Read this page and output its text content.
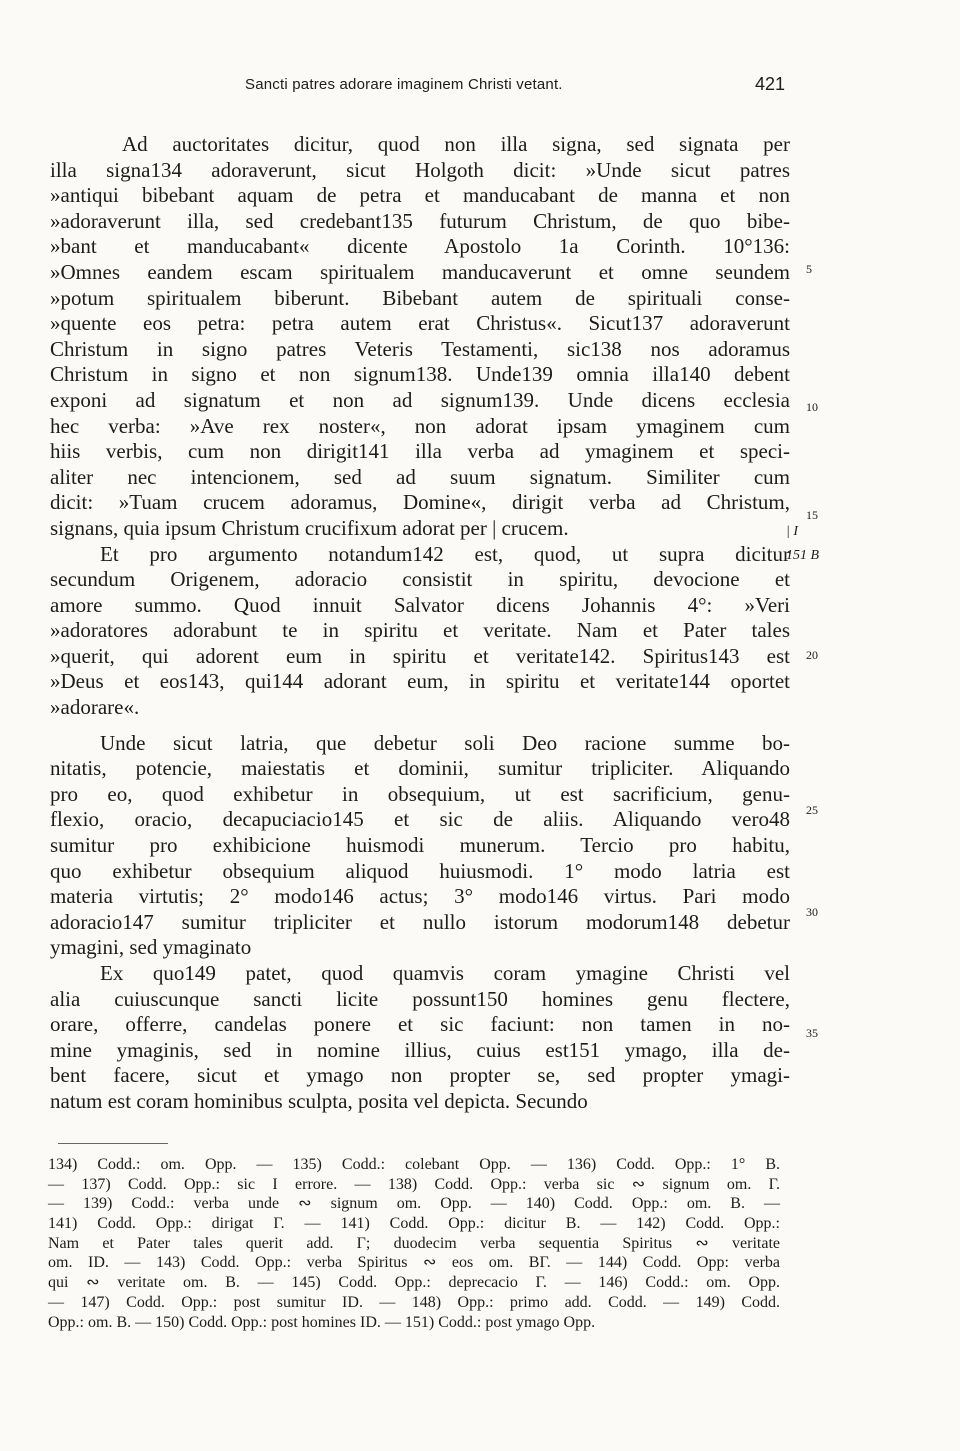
Sancti patres adorare imaginem Christi vetant.	421
Ad auctoritates dicitur, quod non illa signa, sed signata per
illa signa134 adoraverunt, sicut Holgoth dicit: »Unde sicut patres
»antiqui bibebant aquam de petra et manducabant de manna et non
»adoraverunt illa, sed credebant135 futurum Christum, de quo bibe-
»bant et manducabant« dicente Apostolo 1a Corinth. 10°136:
»Omnes eandem escam spiritualem manducaverunt et omne seundem
»potum spiritualem biberunt. Bibebant autem de spirituali conse-
»quente eos petra: petra autem erat Christus«. Sicut137 adoraverunt
Christum in signo patres Veteris Testamenti, sic138 nos adoramus
Christum in signo et non signum138. Unde139 omnia illa140 debent
exponi ad signatum et non ad signum139. Unde dicens ecclesia
hec verba: »Ave rex noster«, non adorat ipsam ymaginem cum
hiis verbis, cum non dirigit141 illa verba ad ymaginem et speci-
aliter nec intencionem, sed ad suum signatum. Similiter cum
dicit: »Tuam crucem adoramus, Domine«, dirigit verba ad Christum,
signans, quia ipsum Christum crucifixum adorat per | crucem.
Et pro argumento notandum142 est, quod, ut supra dicitur
secundum Origenem, adoracio consistit in spiritu, devocione et
amore summo. Quod innuit Salvator dicens Johannis 4°: »Veri
»adoratores adorabunt te in spiritu et veritate. Nam et Pater tales
»querit, qui adorent eum in spiritu et veritate142. Spiritus143 est
»Deus et eos143, qui144 adorant eum, in spiritu et veritate144 oportet
»adorare«.
Unde sicut latria, que debetur soli Deo racione summe bo-
nitatis, potencie, maiestatis et dominii, sumitur tripliciter. Aliquando
pro eo, quod exhibetur in obsequium, ut est sacrificium, genu-
flexio, oracio, decapuciacio145 et sic de aliis. Aliquando vero48
sumitur pro exhibicione huismodi munerum. Tercio pro habitu,
quo exhibetur obsequium aliquod huiusmodi. 1° modo latria est
materia virtutis; 2° modo146 actus; 3° modo146 virtus. Pari modo
adoracio147 sumitur tripliciter et nullo istorum modorum148 debetur
ymagini, sed ymaginato
Ex quo149 patet, quod quamvis coram ymagine Christi vel
alia cuiuscunque sancti licite possunt150 homines genu flectere,
orare, offerre, candelas ponere et sic faciunt: non tamen in no-
mine ymaginis, sed in nomine illius, cuius est151 ymago, illa de-
bent facere, sicut et ymago non propter se, sed propter ymagi-
natum est coram hominibus sculpta, posita vel depicta. Secundo
5
10
15
20
25
30
35
| I
151 B
134) Codd.: om. Opp. — 135) Codd.: colebant Opp. — 136) Codd. Opp.: 1° B.
— 137) Codd. Opp.: sic I errore. — 138) Codd. Opp.: verba sic ∾ signum om. Γ.
— 139) Codd.: verba unde ∾ signum om. Opp. — 140) Codd. Opp.: om. B. —
141) Codd. Opp.: dirigat Γ. — 141) Codd. Opp.: dicitur B. — 142) Codd. Opp.:
Nam et Pater tales querit add. Γ; duodecim verba sequentia Spiritus ∾ veritate
om. ID. — 143) Codd. Opp.: verba Spiritus ∾ eos om. BΓ. — 144) Codd. Opp: verba
qui ∾ veritate om. B. — 145) Codd. Opp.: deprecacio Γ. — 146) Codd.: om. Opp.
— 147) Codd. Opp.: post sumitur ID. — 148) Opp.: primo add. Codd. — 149) Codd.
Opp.: om. B. — 150) Codd. Opp.: post homines ID. — 151) Codd.: post ymago Opp.
